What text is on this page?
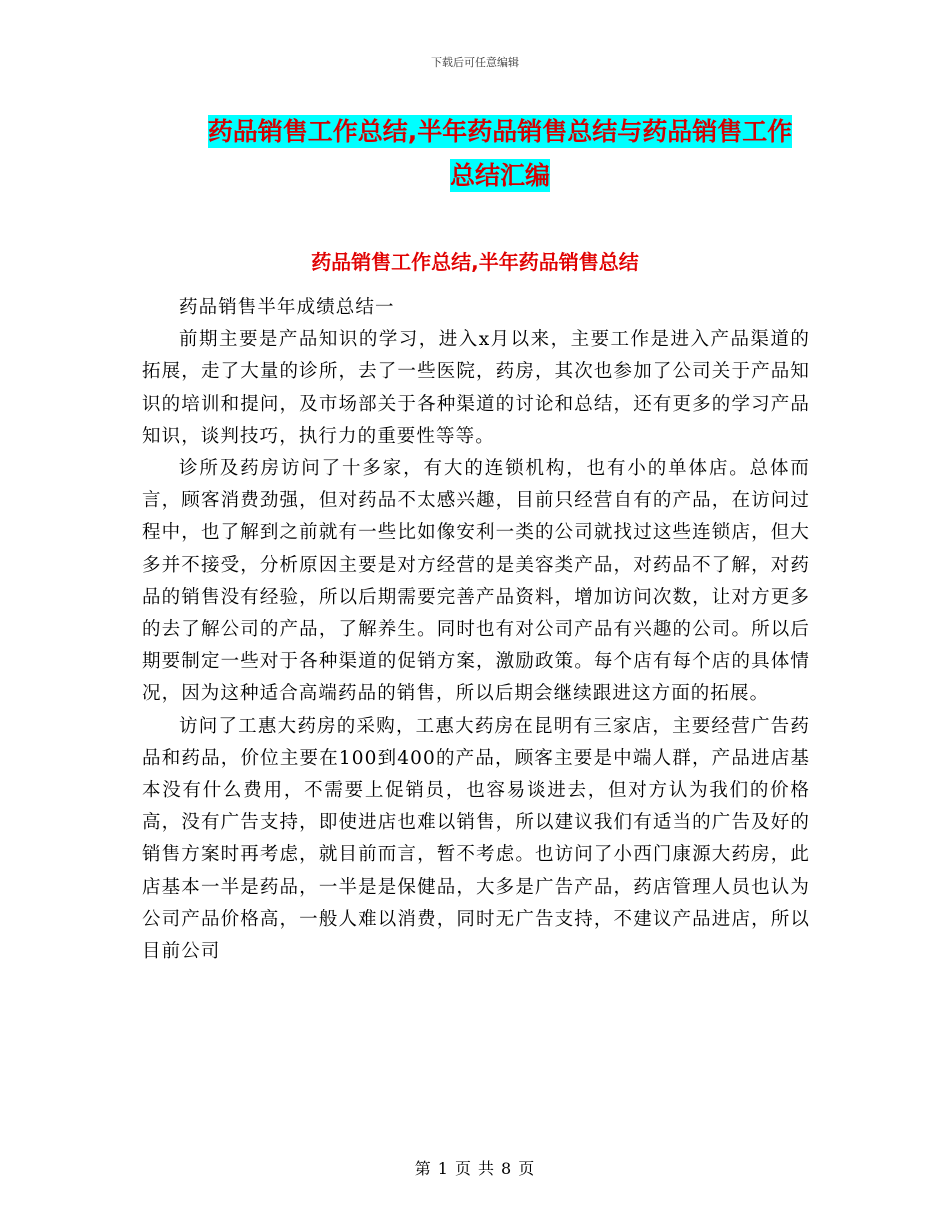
下载后可任意编辑
药品销售工作总结,半年药品销售总结与药品销售工作
总结汇编
药品销售工作总结,半年药品销售总结

药品销售半年成绩总结一

前期主要是产品知识的学习，进入x月以来，主要工作是进入产品渠道的拓展，走了大量的诊所，去了一些医院，药房，其次也参加了公司关于产品知识的培训和提问，及市场部关于各种渠道的讨论和总结，还有更多的学习产品知识，谈判技巧，执行力的重要性等等。

诊所及药房访问了十多家，有大的连锁机构，也有小的单体店。总体而言，顾客消费劲强，但对药品不太感兴趣，目前只经营自有的产品，在访问过程中，也了解到之前就有一些比如像安利一类的公司就找过这些连锁店，但大多并不接受，分析原因主要是对方经营的是美容类产品，对药品不了解，对药品的销售没有经验，所以后期需要完善产品资料，增加访问次数，让对方更多的去了解公司的产品，了解养生。同时也有对公司产品有兴趣的公司。所以后期要制定一些对于各种渠道的促销方案，激励政策。每个店有每个店的具体情况，因为这种适合高端药品的销售，所以后期会继续跟进这方面的拓展。

访问了工惠大药房的采购，工惠大药房在昆明有三家店，主要经营广告药品和药品，价位主要在100到400的产品，顾客主要是中端人群，产品进店基本没有什么费用，不需要上促销员，也容易谈进去，但对方认为我们的价格高，没有广告支持，即使进店也难以销售，所以建议我们有适当的广告及好的销售方案时再考虑，就目前而言，暂不考虑。也访问了小西门康源大药房，此店基本一半是药品，一半是是保健品，大多是广告产品，药店管理人员也认为公司产品价格高，一般人难以消费，同时无广告支持，不建议产品进店，所以目前公司

第 1 页 共 8 页
